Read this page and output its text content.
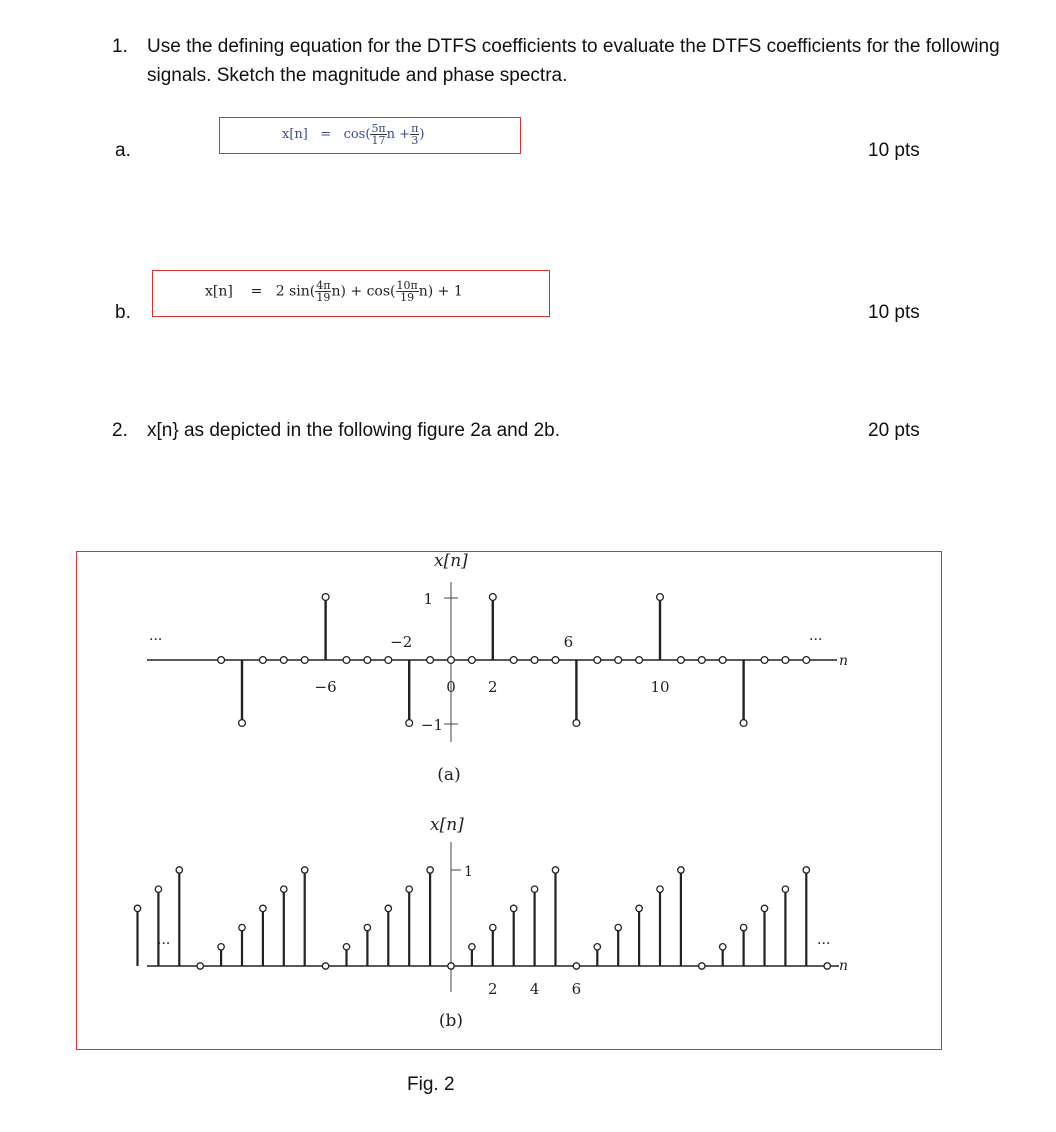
1. Use the defining equation for the DTFS coefficients to evaluate the DTFS coefficients for the following signals. Sketch the magnitude and phase spectra.
a.
$x[n] = \cos( \frac{5\pi}{17}$ $n + \frac{\pi}{3}$ )
10 pts
b.
x[n] = 2 $\sin( \frac{4\pi}{19} n) + \cos( \frac{10\pi}{19} n) + 1$
10 pts
2. x[n} as depicted in the following figure 2a and 2b.	20 pts
x[n]
1
−1
n
...	...
(a)
−6
−2
0 2
6
10
x[n]
1
n
...	...
(b)
2 4 6
Fig. 2
